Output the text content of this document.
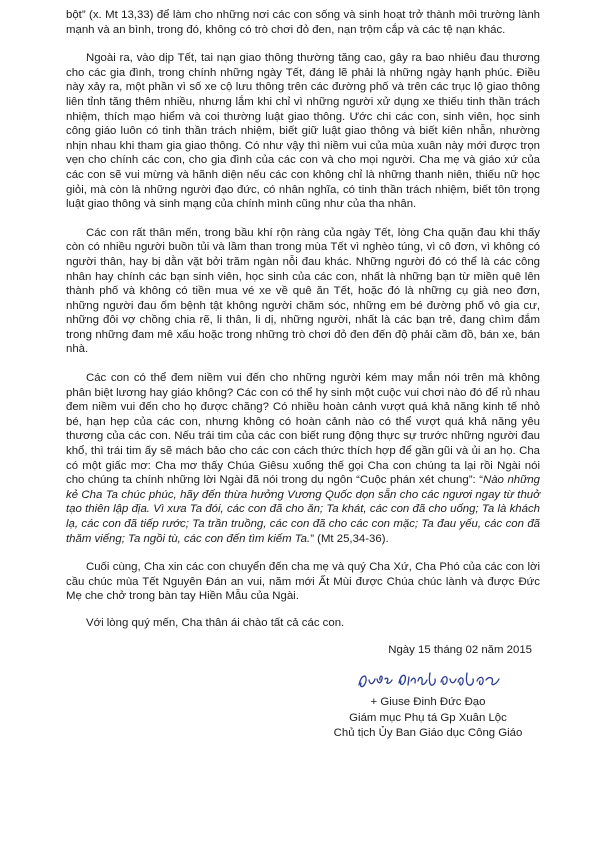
bột” (x. Mt 13,33) để làm cho những nơi các con sống và sinh hoạt trở thành môi trường lành mạnh và an bình, trong đó, không có trò chơi đỏ đen, nạn trộm cắp và các tệ nạn khác.

Ngoài ra, vào dịp Tết, tai nạn giao thông thường tăng cao, gây ra bao nhiêu đau thương cho các gia đình, trong chính những ngày Tết, đáng lẽ phải là những ngày hạnh phúc. Điều này xảy ra, một phần vì số xe cộ lưu thông trên các đường phố và trên các trục lộ giao thông liên tỉnh tăng thêm nhiều, nhưng lắm khi chỉ vì những người xử dụng xe thiếu tinh thần trách nhiệm, thích mạo hiểm và coi thường luật giao thông. Ước chi các con, sinh viên, học sinh công giáo luôn có tinh thần trách nhiệm, biết giữ luật giao thông và biết kiên nhẫn, nhường nhịn nhau khi tham gia giao thông. Có như vậy thì niềm vui của mùa xuân này mới được trọn vẹn cho chính các con, cho gia đình của các con và cho mọi người. Cha mẹ và giáo xứ của các con sẽ vui mừng và hãnh diện nếu các con không chỉ là những thanh niên, thiếu nữ học giỏi, mà còn là những người đạo đức, có nhân nghĩa, có tinh thần trách nhiệm, biết tôn trọng luật giao thông và sinh mạng của chính mình cũng như của tha nhân.

Các con rất thân mến, trong bầu khí rộn ràng của ngày Tết, lòng Cha quặn đau khi thấy còn có nhiều người buồn tủi và lầm than trong mùa Tết vì nghèo túng, vì cô đơn, vì không có người thân, hay bị dằn vặt bởi trăm ngàn nỗi đau khác. Những người đó có thể là các công nhân hay chính các bạn sinh viên, học sinh của các con, nhất là những bạn từ miền quê lên thành phố và không có tiền mua vé xe về quê ăn Tết, hoặc đó là những cụ già neo đơn, những người đau ốm bệnh tật không người chăm sóc, những em bé đường phố vô gia cư, những đôi vợ chồng chia rẽ, li thân, li dị, những người, nhất là các bạn trẻ, đang chìm đắm trong những đam mê xấu hoặc trong những trò chơi đỏ đen đến độ phải cầm đồ, bán xe, bán nhà.

Các con có thể đem niềm vui đến cho những người kém may mắn nói trên mà không phân biệt lương hay giáo không? Các con có thể hy sinh một cuộc vui chơi nào đó để rủ nhau đem niềm vui đến cho họ được chăng? Có nhiều hoàn cảnh vượt quá khả năng kinh tế nhỏ bé, hạn hẹp của các con, nhưng không có hoàn cảnh nào có thể vượt quá khả năng yêu thương của các con. Nếu trái tim của các con biết rung động thực sự trước những người đau khổ, thì trái tim ấy sẽ mách bảo cho các con cách thức thích hợp để gần gũi và ủi an họ. Cha có một giấc mơ: Cha mơ thấy Chúa Giêsu xuống thế gọi Cha con chúng ta lại rồi Ngài nói cho chúng ta chính những lời Ngài đã nói trong dụ ngôn “Cuộc phán xét chung”: “Nào những kẻ Cha Ta chúc phúc, hãy đến thừa hưởng Vương Quốc dọn sẵn cho các ngươi ngay từ thuở tạo thiên lập địa. Vì xưa Ta đói, các con đã cho ăn; Ta khát, các con đã cho uống; Ta là khách lạ, các con đã tiếp rước; Ta trần truồng, các con đã cho các con mặc; Ta đau yếu, các con đã thăm viếng; Ta ngồi tù, các con đến tìm kiếm Ta.” (Mt 25,34-36).

Cuối cùng, Cha xin các con chuyển đến cha mẹ và quý Cha Xứ, Cha Phó của các con lời cầu chúc mùa Tết Nguyên Đán an vui, năm mới Ất Mùi được Chúa chúc lành và được Đức Mẹ che chở trong bàn tay Hiền Mẫu của Ngài.

Với lòng quý mến, Cha thân ái chào tất cả các con.

Ngày 15 tháng 02 năm 2015
+ Giuse Đinh Đức Đạo
Giám mục Phụ tá Gp Xuân Lộc
Chủ tịch Ủy Ban Giáo dục Công Giáo
